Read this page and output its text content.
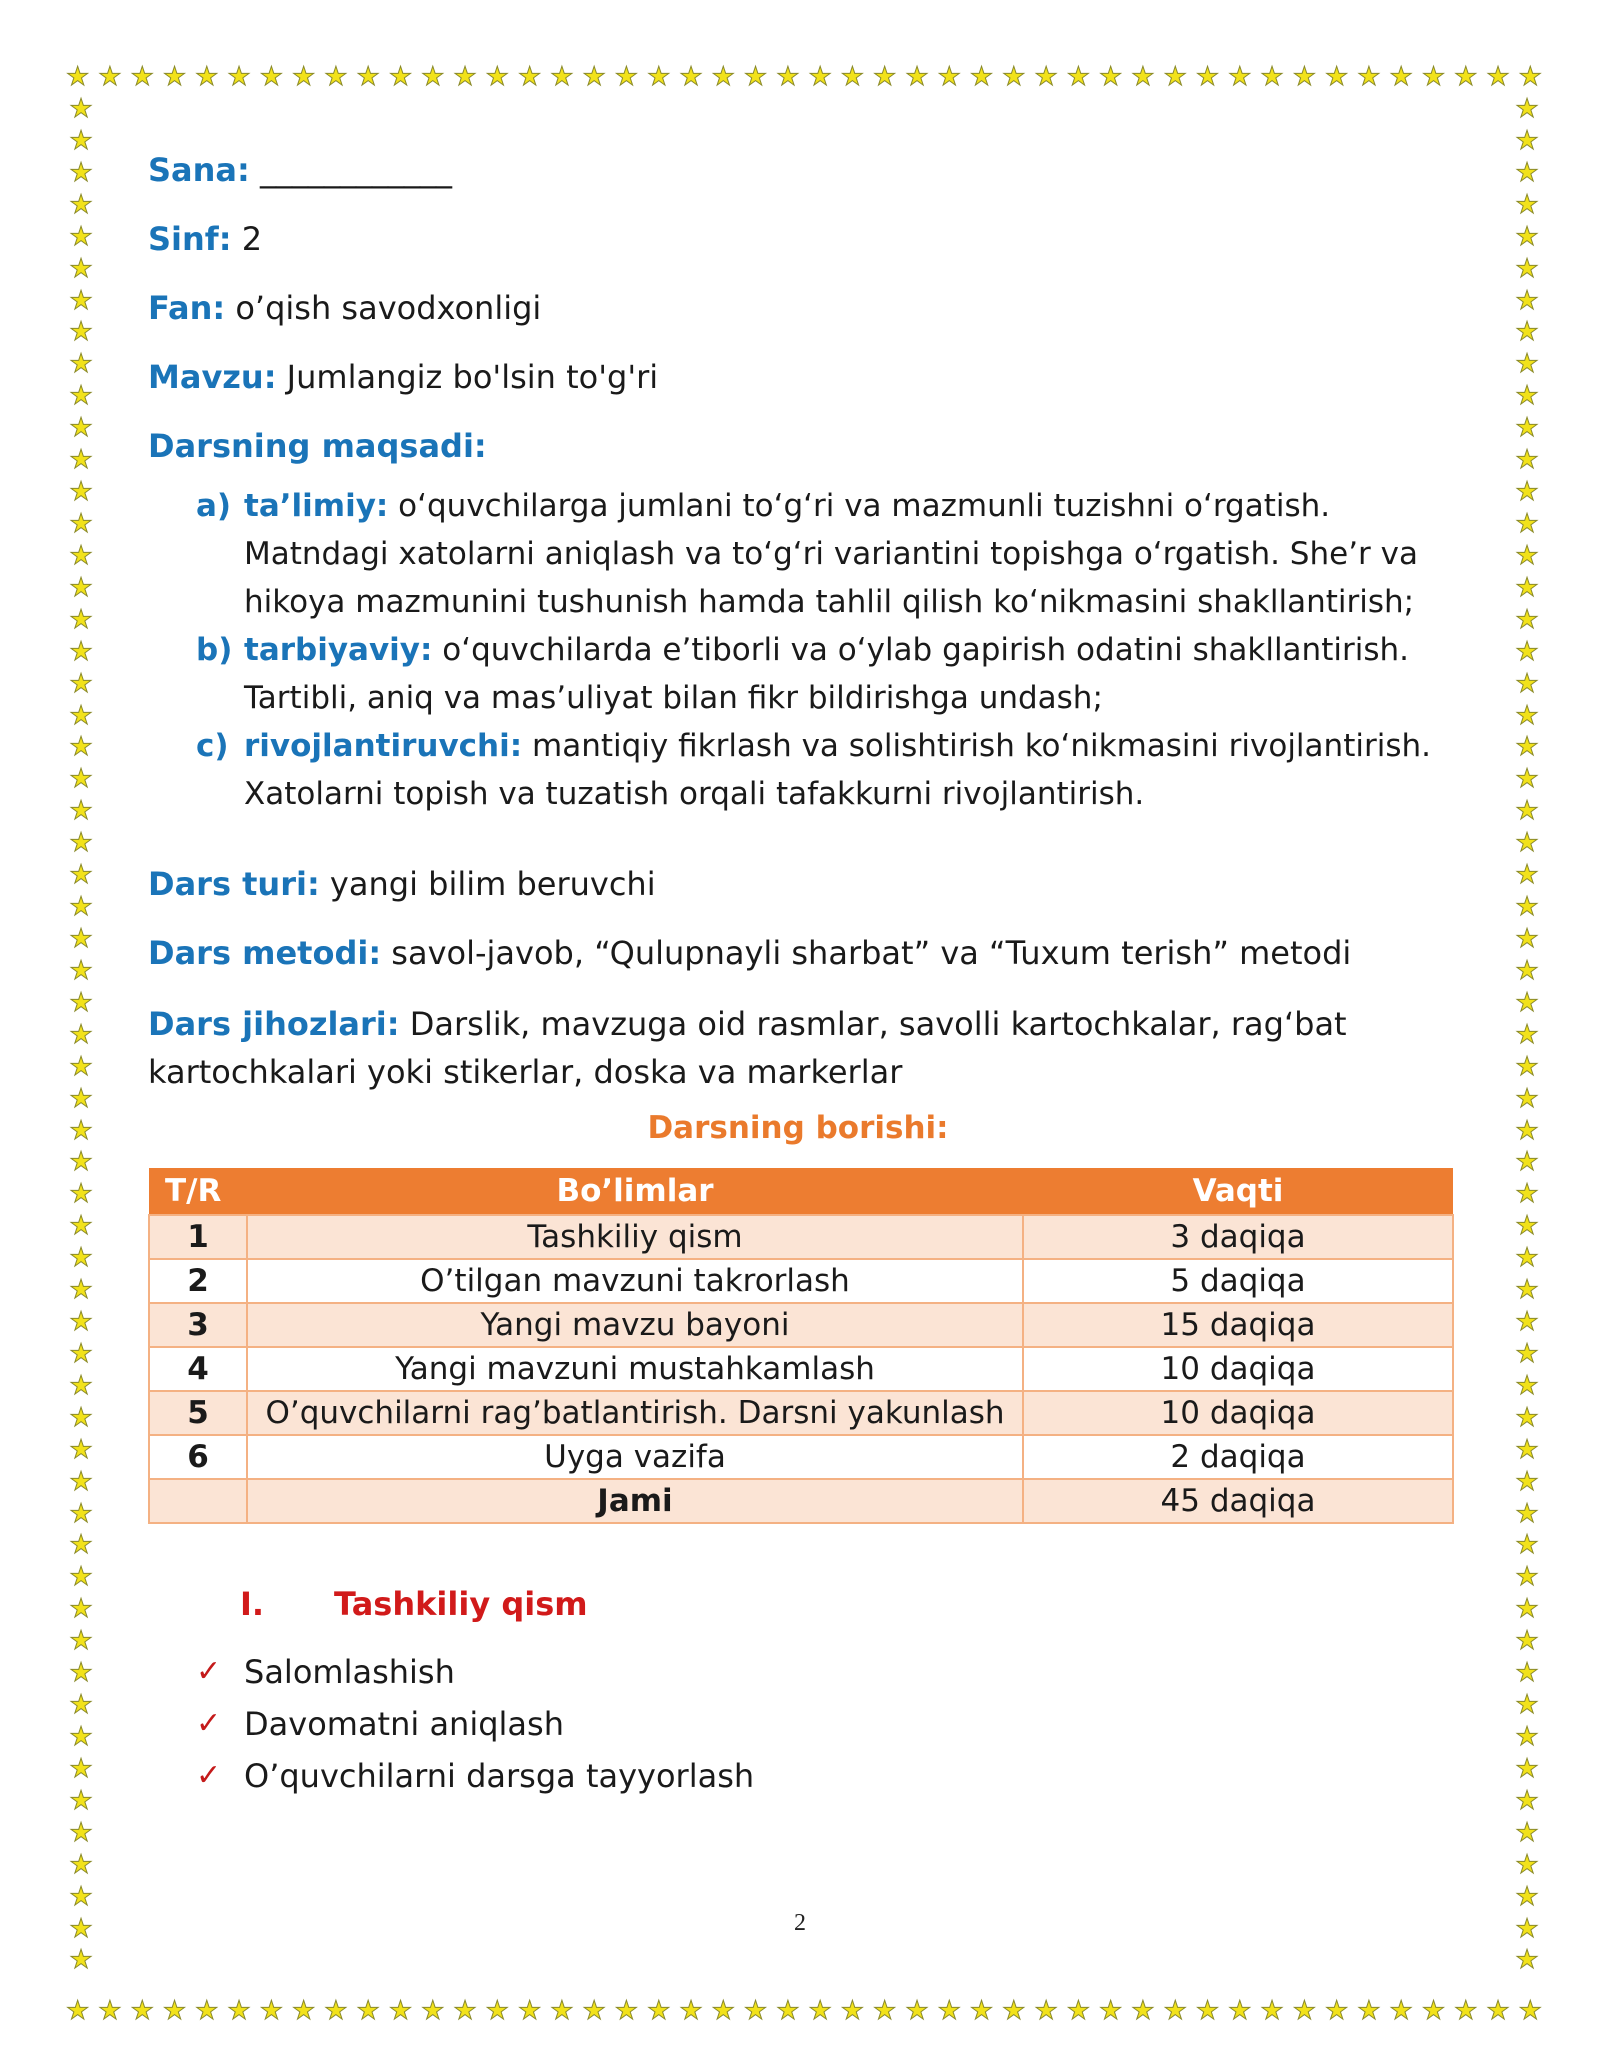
★ ★ ★ ★ ★ ★ ★ ★ ★ ★ ★ ★ ★ ★ ★ ★ ★ ★ ★ ★ ★ ★ ★ ★ ★ ★ ★ ★ ★ ★ ★ ★ ★ ★ ★ ★ ★ ★ ★ ★ ★ ★ ★ ★ ★ ★
★ ★ ★ ★ ★ ★ ★ ★ ★ ★ ★ ★ ★ ★ ★ ★ ★ ★ ★ ★ ★ ★ ★ ★ ★ ★ ★ ★ ★ ★ ★ ★ ★ ★ ★ ★ ★ ★ ★ ★ ★ ★ ★ ★ ★ ★
★
★
★
★
★
★
★
★
★
★
★
★
★
★
★
★
★
★
★
★
★
★
★
★
★
★
★
★
★
★
★
★
★
★
★
★
★
★
★
★
★
★
★
★
★
★
★
★
★
★
★
★
★
★
★
★
★
★
★
★
★
★
★
★
★
★
★
★
★
★
★
★
★
★
★
★
★
★
★
★
★
★
★
★
★
★
★
★
★
★
★
★
★
★
★
★
★
★
★
★
★
★
★
★
★
★
★
★
★
★
★
★
★
★
★
★
★
★

Sana: ____________

Sinf: 2

Fan: o’qish savodxonligi

Mavzu: Jumlangiz bo'lsin to'g'ri

Darsning maqsadi:

a) ta’limiy: o‘quvchilarga jumlani to‘g‘ri va mazmunli tuzishni o‘rgatish. Matndagi xatolarni aniqlash va to‘g‘ri variantini topishga o‘rgatish. She’r va hikoya mazmunini tushunish hamda tahlil qilish ko‘nikmasini shakllantirish;
b) tarbiyaviy: o‘quvchilarda e’tiborli va o‘ylab gapirish odatini shakllantirish. Tartibli, aniq va mas’uliyat bilan fikr bildirishga undash;
c) rivojlantiruvchi: mantiqiy fikrlash va solishtirish ko‘nikmasini rivojlantirish. Xatolarni topish va tuzatish orqali tafakkurni rivojlantirish.

Dars turi: yangi bilim beruvchi

Dars metodi: savol-javob, “Qulupnayli sharbat” va “Tuxum terish” metodi

Dars jihozlari: Darslik, mavzuga oid rasmlar, savolli kartochkalar, rag‘bat kartochkalari yoki stikerlar, doska va markerlar

Darsning borishi:

T/R	Bo’limlar	Vaqti
1	Tashkiliy qism	3 daqiqa
2	O’tilgan mavzuni takrorlash	5 daqiqa
3	Yangi mavzu bayoni	15 daqiqa
4	Yangi mavzuni mustahkamlash	10 daqiqa
5	O’quvchilarni rag’batlantirish. Darsni yakunlash	10 daqiqa
6	Uyga vazifa	2 daqiqa
	Jami	45 daqiqa

I. Tashkiliy qism

✓ Salomlashish
✓ Davomatni aniqlash
✓ O’quvchilarni darsga tayyorlash
2
